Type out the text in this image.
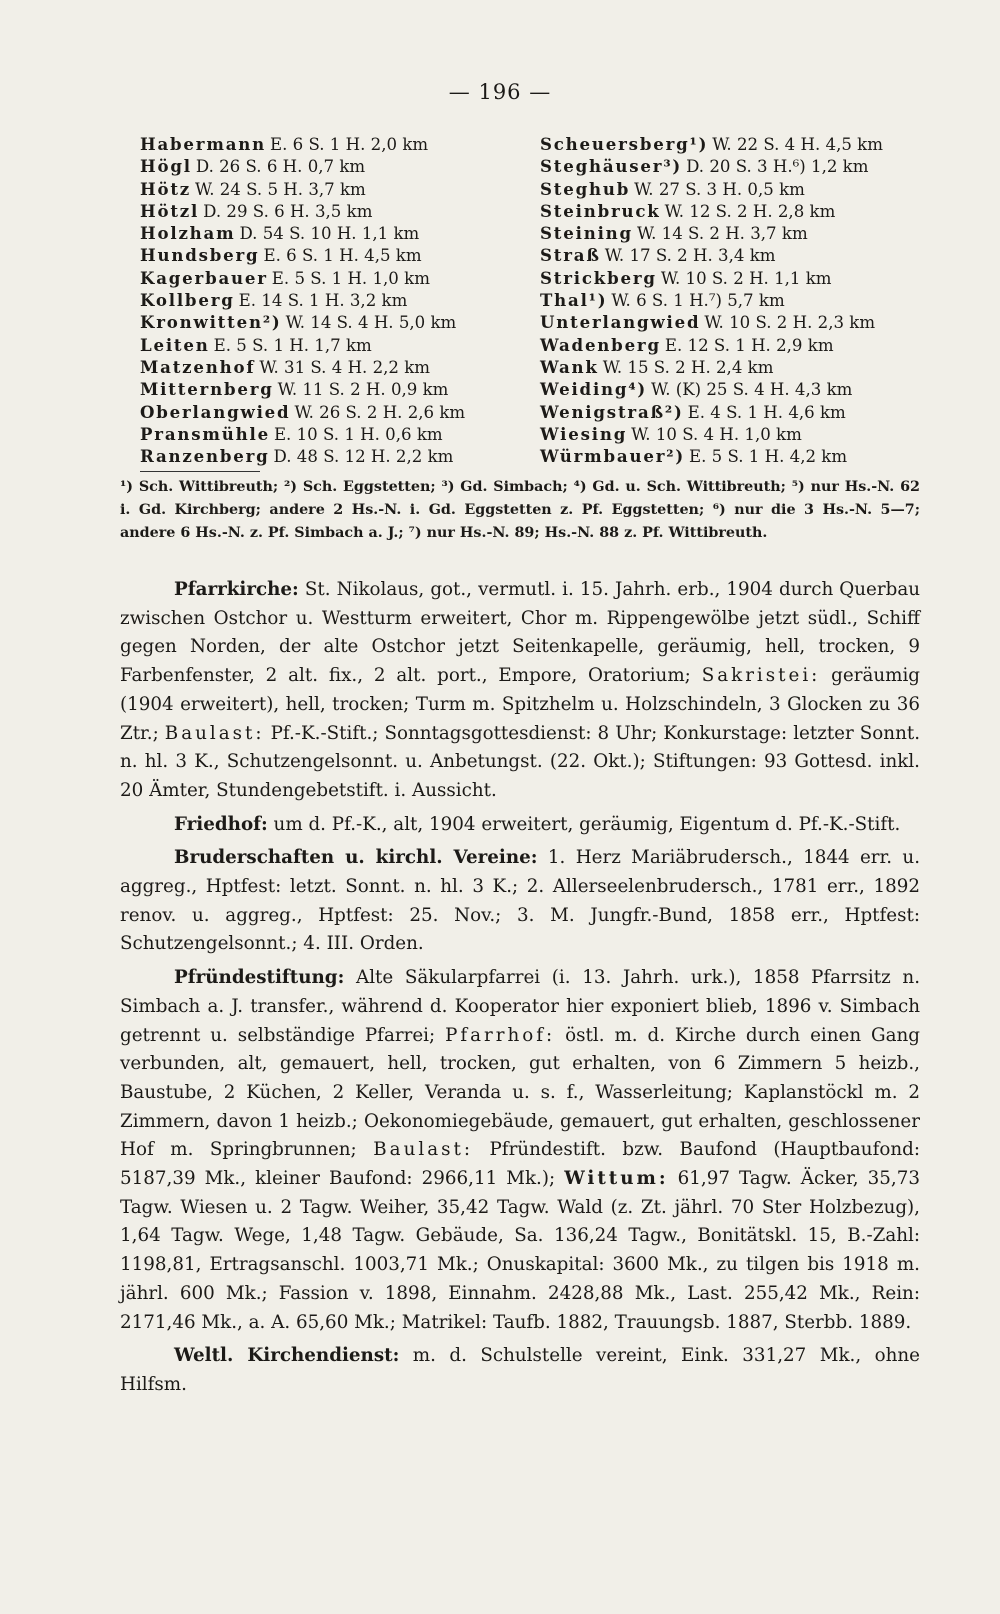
— 196 —
Habermann E. 6 S. 1 H. 2,0 km
Högl D. 26 S. 6 H. 0,7 km
Hötz W. 24 S. 5 H. 3,7 km
Hötzl D. 29 S. 6 H. 3,5 km
Holzham D. 54 S. 10 H. 1,1 km
Hundsberg E. 6 S. 1 H. 4,5 km
Kagerbauer E. 5 S. 1 H. 1,0 km
Kollberg E. 14 S. 1 H. 3,2 km
Kronwitten²) W. 14 S. 4 H. 5,0 km
Leiten E. 5 S. 1 H. 1,7 km
Matzenhof W. 31 S. 4 H. 2,2 km
Mitternberg W. 11 S. 2 H. 0,9 km
Oberlangwied W. 26 S. 2 H. 2,6 km
Pransmühle E. 10 S. 1 H. 0,6 km
Ranzenberg D. 48 S. 12 H. 2,2 km
Scheuersberg¹) W. 22 S. 4 H. 4,5 km
Steghäuser³) D. 20 S. 3 H.⁶) 1,2 km
Steghub W. 27 S. 3 H. 0,5 km
Steinbruck W. 12 S. 2 H. 2,8 km
Steining W. 14 S. 2 H. 3,7 km
Straß W. 17 S. 2 H. 3,4 km
Strickberg W. 10 S. 2 H. 1,1 km
Thal¹) W. 6 S. 1 H.⁷) 5,7 km
Unterlangwied W. 10 S. 2 H. 2,3 km
Wadenberg E. 12 S. 1 H. 2,9 km
Wank W. 15 S. 2 H. 2,4 km
Weiding⁴) W. (K) 25 S. 4 H. 4,3 km
Wenigstraß²) E. 4 S. 1 H. 4,6 km
Wiesing W. 10 S. 4 H. 1,0 km
Würmbauer²) E. 5 S. 1 H. 4,2 km
¹) Sch. Wittibreuth; ²) Sch. Eggstetten; ³) Gd. Simbach; ⁴) Gd. u. Sch. Wittibreuth; ⁵) nur Hs.-N. 62 i. Gd. Kirchberg; andere 2 Hs.-N. i. Gd. Eggstetten z. Pf. Eggstetten; ⁶) nur die 3 Hs.-N. 5—7; andere 6 Hs.-N. z. Pf. Simbach a. J.; ⁷) nur Hs.-N. 89; Hs.-N. 88 z. Pf. Wittibreuth.

Pfarrkirche: St. Nikolaus, got., vermutl. i. 15. Jahrh. erb., 1904 durch Querbau zwischen Ostchor u. Westturm erweitert, Chor m. Rippengewölbe jetzt südl., Schiff gegen Norden, der alte Ostchor jetzt Seitenkapelle, geräumig, hell, trocken, 9 Farbenfenster, 2 alt. fix., 2 alt. port., Empore, Oratorium; Sakristei: geräumig (1904 erweitert), hell, trocken; Turm m. Spitzhelm u. Holzschindeln, 3 Glocken zu 36 Ztr.; Baulast: Pf.-K.-Stift.; Sonntagsgottesdienst: 8 Uhr; Konkurstage: letzter Sonnt. n. hl. 3 K., Schutzengelsonnt. u. Anbetungst. (22. Okt.); Stiftungen: 93 Gottesd. inkl. 20 Ämter, Stundengebetstift. i. Aussicht.

Friedhof: um d. Pf.-K., alt, 1904 erweitert, geräumig, Eigentum d. Pf.-K.-Stift.

Bruderschaften u. kirchl. Vereine: 1. Herz Mariäbrudersch., 1844 err. u. aggreg., Hptfest: letzt. Sonnt. n. hl. 3 K.; 2. Allerseelenbrudersch., 1781 err., 1892 renov. u. aggreg., Hptfest: 25. Nov.; 3. M. Jungfr.-Bund, 1858 err., Hptfest: Schutzengelsonnt.; 4. III. Orden.

Pfründestiftung: Alte Säkularpfarrei (i. 13. Jahrh. urk.), 1858 Pfarrsitz n. Simbach a. J. transfer., während d. Kooperator hier exponiert blieb, 1896 v. Simbach getrennt u. selbständige Pfarrei; Pfarrhof: östl. m. d. Kirche durch einen Gang verbunden, alt, gemauert, hell, trocken, gut erhalten, von 6 Zimmern 5 heizb., Baustube, 2 Küchen, 2 Keller, Veranda u. s. f., Wasserleitung; Kaplanstöckl m. 2 Zimmern, davon 1 heizb.; Oekonomiegebäude, gemauert, gut erhalten, geschlossener Hof m. Springbrunnen; Baulast: Pfründestift. bzw. Baufond (Hauptbaufond: 5187,39 Mk., kleiner Baufond: 2966,11 Mk.); Wittum: 61,97 Tagw. Äcker, 35,73 Tagw. Wiesen u. 2 Tagw. Weiher, 35,42 Tagw. Wald (z. Zt. jährl. 70 Ster Holzbezug), 1,64 Tagw. Wege, 1,48 Tagw. Gebäude, Sa. 136,24 Tagw., Bonitätskl. 15, B.-Zahl: 1198,81, Ertragsanschl. 1003,71 Mk.; Onuskapital: 3600 Mk., zu tilgen bis 1918 m. jährl. 600 Mk.; Fassion v. 1898, Einnahm. 2428,88 Mk., Last. 255,42 Mk., Rein: 2171,46 Mk., a. A. 65,60 Mk.; Matrikel: Taufb. 1882, Trauungsb. 1887, Sterbb. 1889.

Weltl. Kirchendienst: m. d. Schulstelle vereint, Eink. 331,27 Mk., ohne Hilfsm.
